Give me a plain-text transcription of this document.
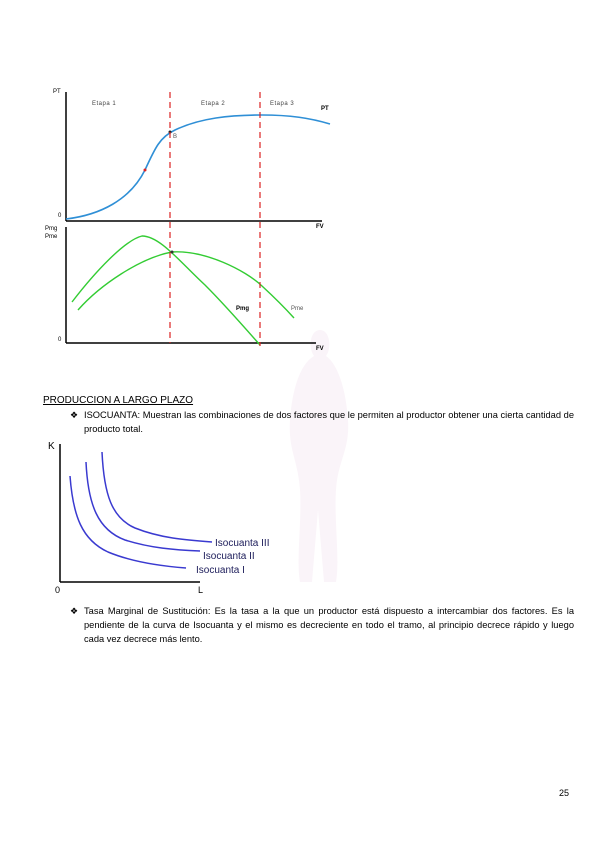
PT
0
FV
PT
B
Etapa 1	Etapa 2	Etapa 3
Pmg
Pme
0
FV
Pmg	Pme
PRODUCCION A LARGO PLAZO
❖ ISOCUANTA: Muestran las combinaciones de dos factores que le permiten al productor obtener una cierta cantidad de producto total.
K
0	L
Isocuanta III
Isocuanta II
Isocuanta I
❖ Tasa Marginal de Sustitución: Es la tasa a la que un productor está dispuesto a intercambiar dos factores. Es la pendiente de la curva de Isocuanta y el mismo es decreciente en todo el tramo, al principio decrece rápido y luego cada vez decrece más lento.
25
